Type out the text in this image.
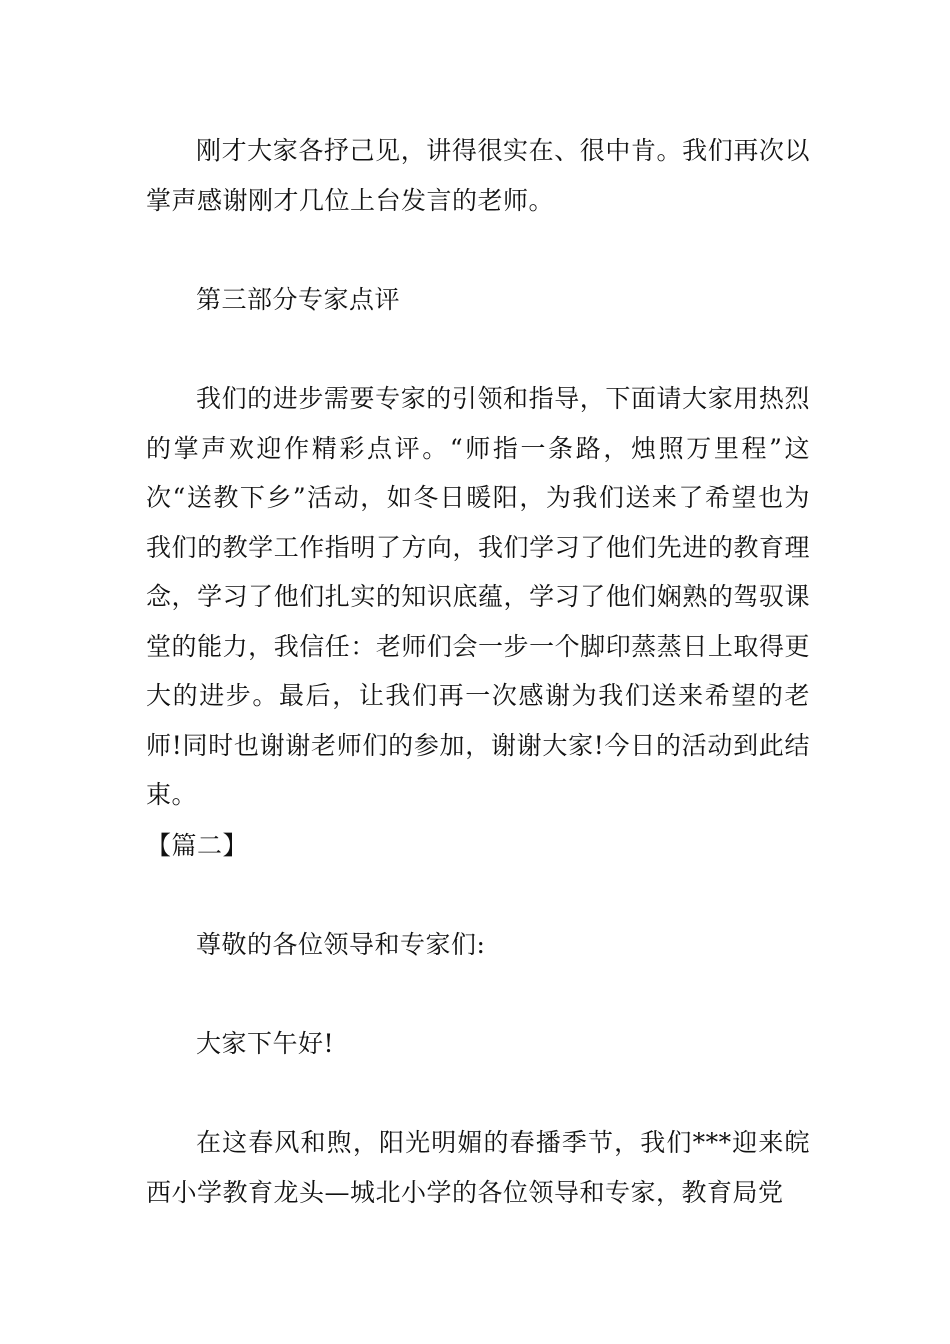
刚才大家各抒己见，讲得很实在、很中肯。我们再次以掌声感谢刚才几位上台发言的老师。

第三部分专家点评

我们的进步需要专家的引领和指导，下面请大家用热烈的掌声欢迎作精彩点评。“师指一条路，烛照万里程”这次“送教下乡”活动，如冬日暖阳，为我们送来了希望也为我们的教学工作指明了方向，我们学习了他们先进的教育理念，学习了他们扎实的知识底蕴，学习了他们娴熟的驾驭课堂的能力，我信任：老师们会一步一个脚印蒸蒸日上取得更大的进步。最后，让我们再一次感谢为我们送来希望的老师!同时也谢谢老师们的参加，谢谢大家!今日的活动到此结束。

【篇二】

尊敬的各位领导和专家们:

大家下午好!

在这春风和煦，阳光明媚的春播季节，我们***迎来皖西小学教育龙头—城北小学的各位领导和专家，教育局党
